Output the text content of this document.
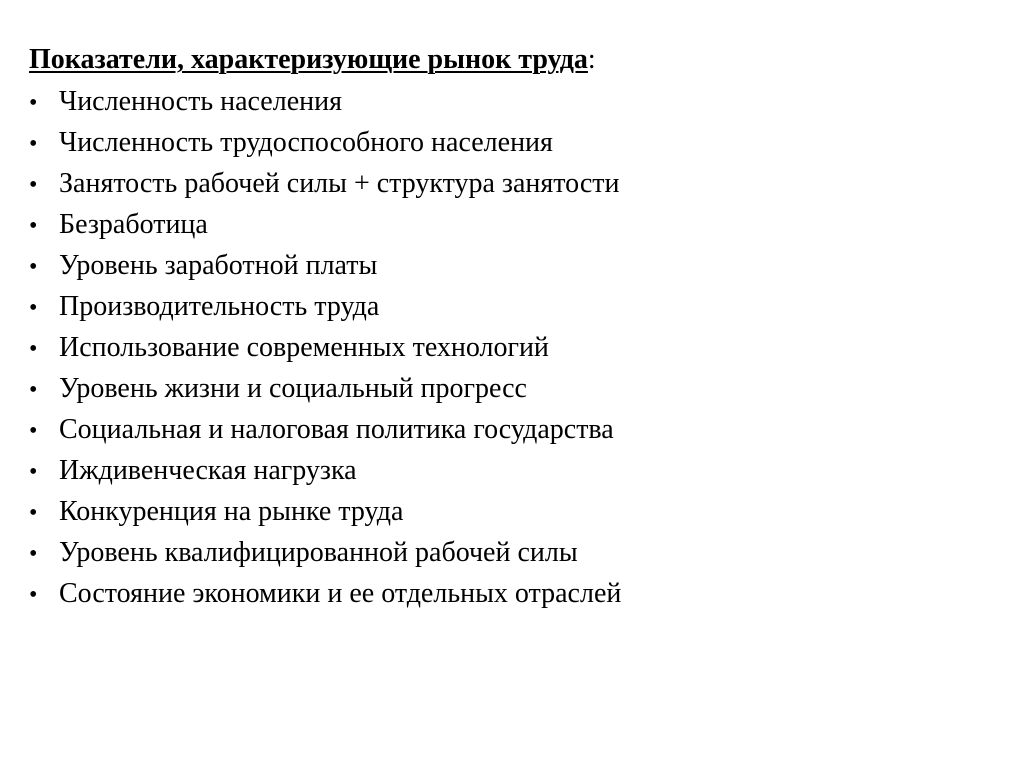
Показатели, характеризующие рынок труда:
• Численность населения
• Численность трудоспособного населения
• Занятость рабочей силы + структура занятости
• Безработица
• Уровень заработной платы
• Производительность труда
• Использование современных технологий
• Уровень жизни и социальный прогресс
• Социальная и налоговая политика государства
• Иждивенческая нагрузка
• Конкуренция на рынке труда
• Уровень квалифицированной рабочей силы
• Состояние экономики и ее отдельных отраслей
